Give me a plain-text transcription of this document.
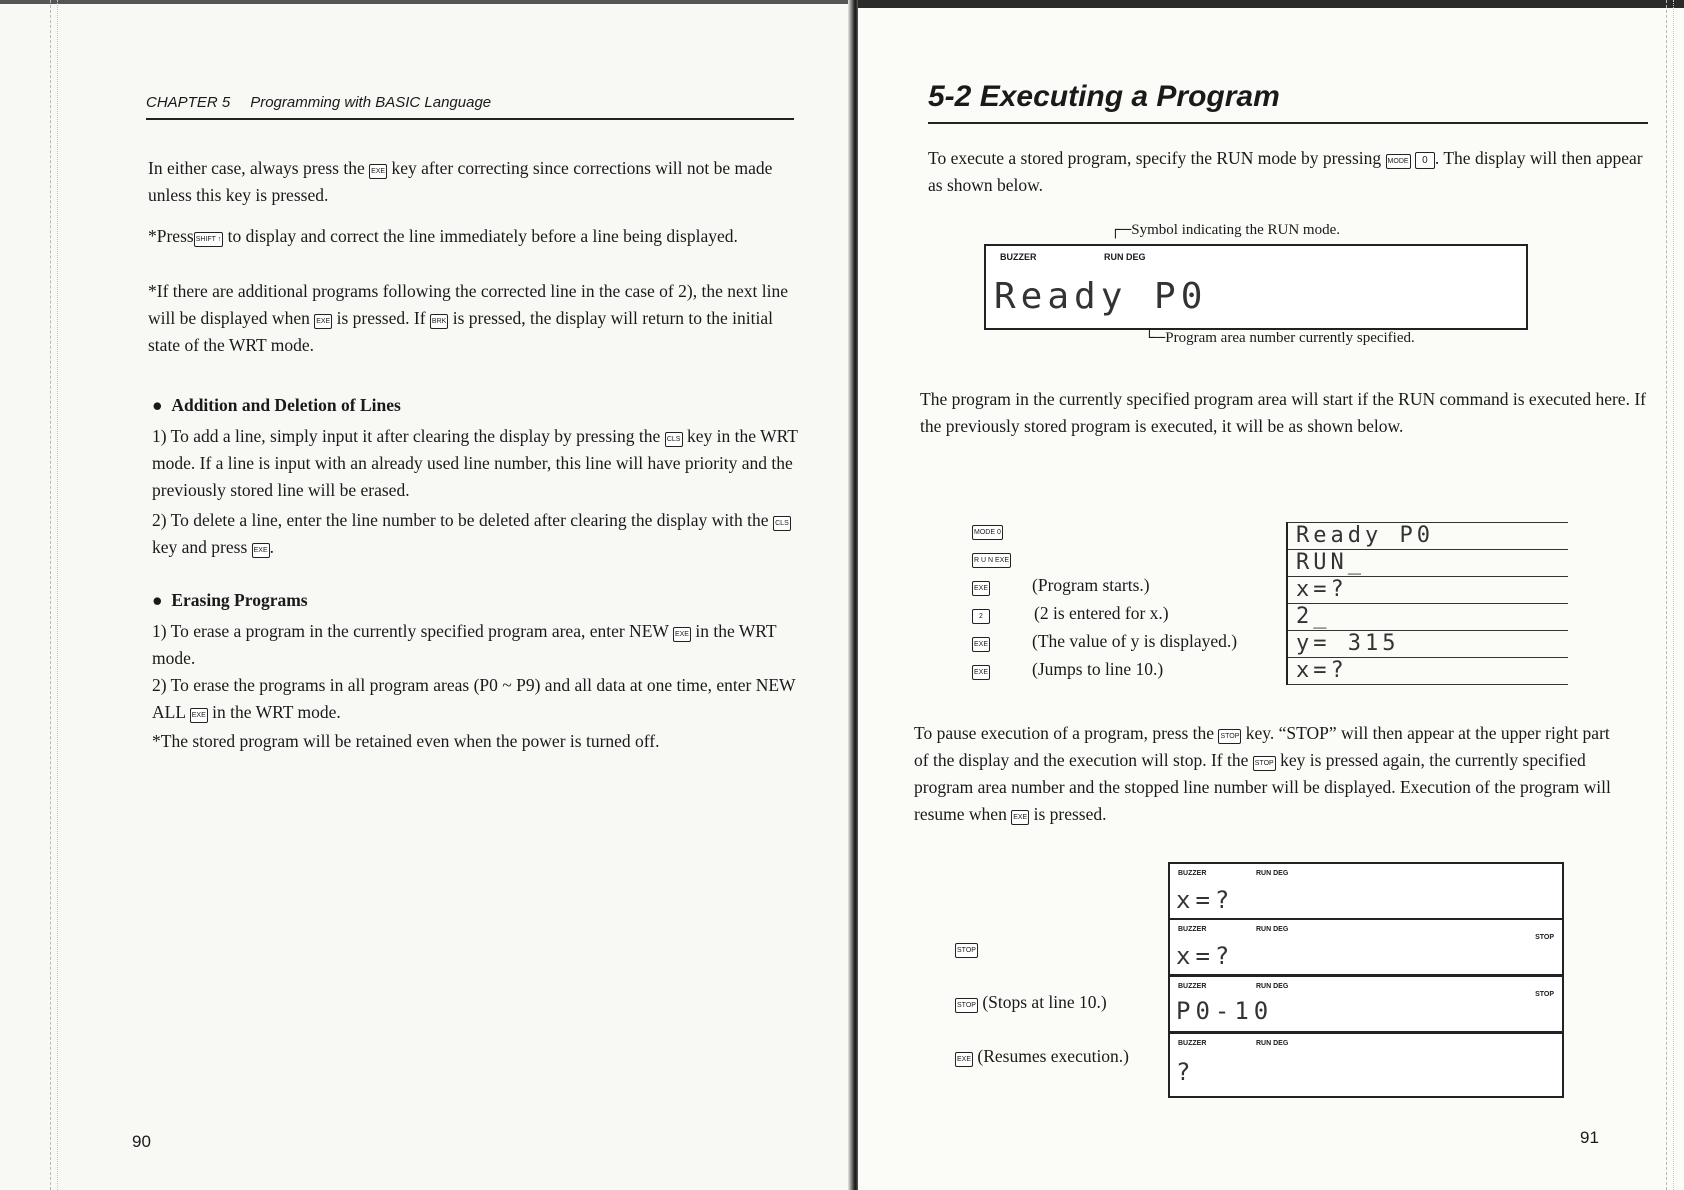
CHAPTER 5 Programming with BASIC Language
In either case, always press the EXE key after correcting since corrections will not be made unless this key is pressed.
*Press SHIFT ↑ to display and correct the line immediately before a line being displayed.
*If there are additional programs following the corrected line in the case of 2), the next line will be displayed when EXE is pressed. If BRK is pressed, the display will return to the initial state of the WRT mode.
●  Addition and Deletion of Lines
1) To add a line, simply input it after clearing the display by pressing the CLS key in the WRT mode. If a line is input with an already used line number, this line will have priority and the previously stored line will be erased.
2) To delete a line, enter the line number to be deleted after clearing the display with the CLS key and press EXE .
●  Erasing Programs
1) To erase a program in the currently specified program area, enter NEW EXE in the WRT mode.
2) To erase the programs in all program areas (P0 ~ P9) and all data at one time, enter NEW ALL EXE in the WRT mode.
*The stored program will be retained even when the power is turned off.
90
5-2 Executing a Program
To execute a stored program, specify the RUN mode by pressing MODE 0 . The display will then appear as shown below.
┌─Symbol indicating the RUN mode.
BUZZER	RUN DEG
Ready P0
└─Program area number currently specified.
The program in the currently specified program area will start if the RUN command is executed here. If the previously stored program is executed, it will be as shown below.
MODE 0
R U N EXE
EXE	(Program starts.)
2	(2 is entered for x.)
EXE	(The value of y is displayed.)
EXE	(Jumps to line 10.)
Ready P0
RUN_
x=?
2_
y= 315
x=?
To pause execution of a program, press the STOP key. “STOP” will then appear at the upper right part of the display and the execution will stop. If the STOP key is pressed again, the currently specified program area number and the stopped line number will be displayed. Execution of the program will resume when EXE is pressed.
STOP
STOP (Stops at line 10.)
EXE (Resumes execution.)
BUZZER	RUN DEG
x=?
BUZZER	RUN DEG
STOP
x=?
BUZZER	RUN DEG
STOP
P0-10
BUZZER	RUN DEG
?
91
